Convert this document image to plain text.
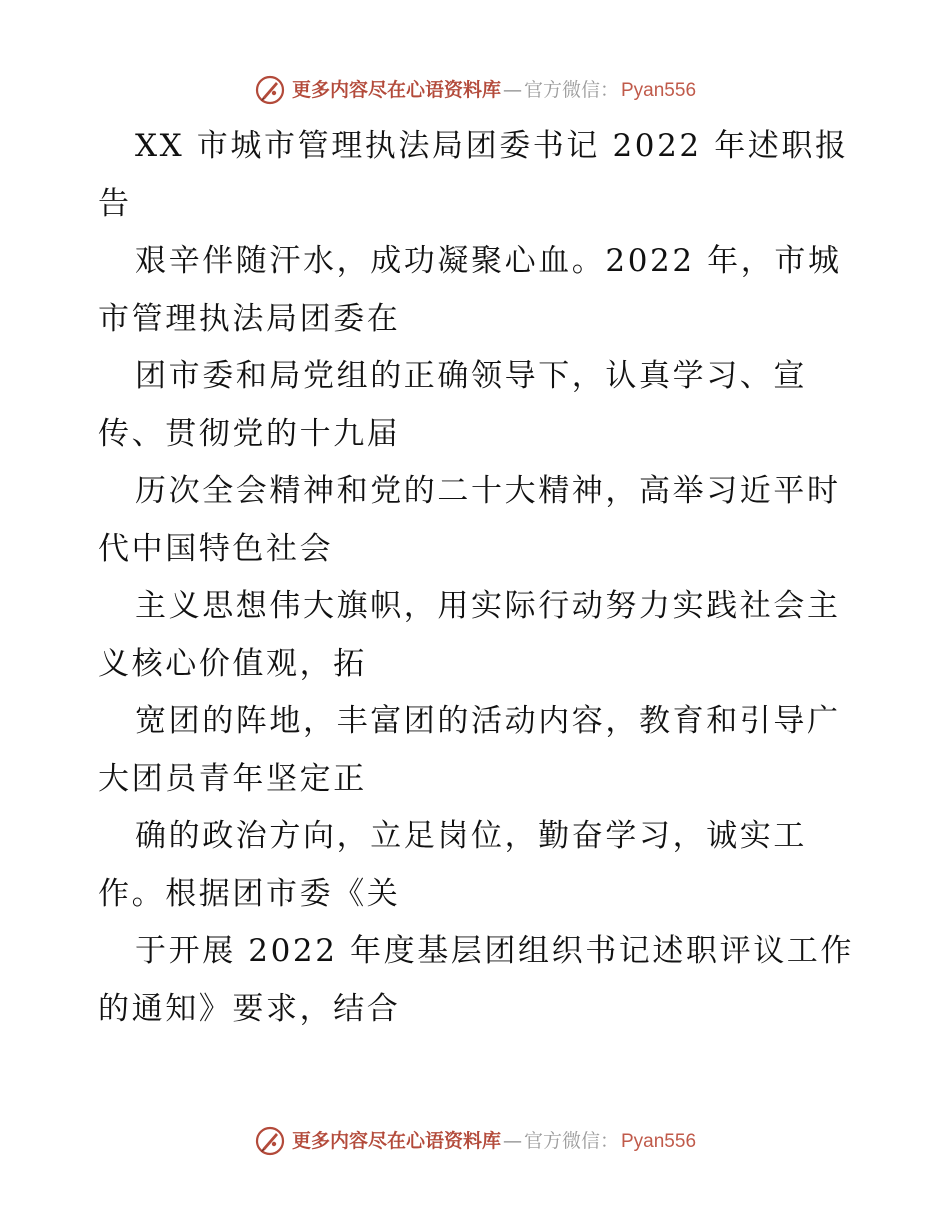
更多内容尽在心语资料库 — 官方微信： Pyan556
XX 市城市管理执法局团委书记 2022 年述职报
告
艰辛伴随汗水，成功凝聚心血。2022 年，市城
市管理执法局团委在
团市委和局党组的正确领导下，认真学习、宣
传、贯彻党的十九届
历次全会精神和党的二十大精神，高举习近平时
代中国特色社会
主义思想伟大旗帜，用实际行动努力实践社会主
义核心价值观，拓
宽团的阵地，丰富团的活动内容，教育和引导广
大团员青年坚定正
确的政治方向，立足岗位，勤奋学习，诚实工
作。根据团市委《关
于开展 2022 年度基层团组织书记述职评议工作
的通知》要求，结合
更多内容尽在心语资料库 — 官方微信： Pyan556
